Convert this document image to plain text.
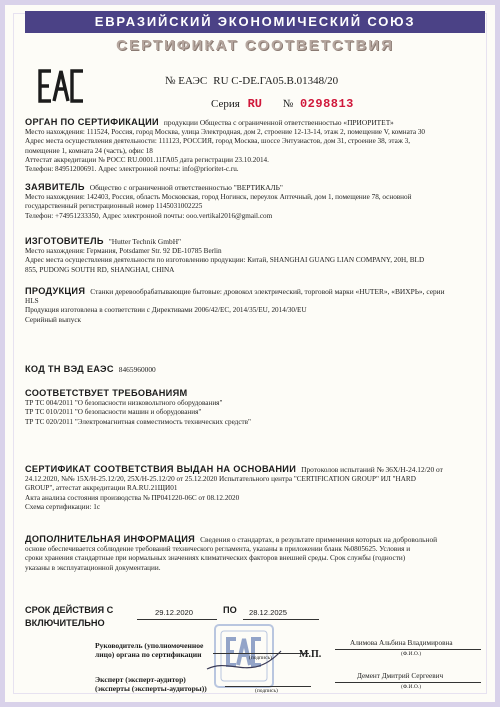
ЕВРАЗИЙСКИЙ ЭКОНОМИЧЕСКИЙ СОЮЗ
СЕРТИФИКАТ СООТВЕТСТВИЯ
№ ЕАЭС RU С-DE.ГА05.В.01348/20
Серия RU № 0298813

ОРГАН ПО СЕРТИФИКАЦИИ продукции Общества с ограниченной ответственностью «ПРИОРИТЕТ»

Место нахождения: 111524, Россия, город Москва, улица Электродная, дом 2, строение 12-13-14, этаж 2, помещение V, комната 30

Адрес места осуществления деятельности: 111123, РОССИЯ, город Москва, шоссе Энтузиастов, дом 31, строение 38, этаж 3,

помещение 1, комната 24 (часть), офис 18

Аттестат аккредитации № РОСС RU.0001.11ГА05 дата регистрации 23.10.2014.

Телефон: 84951200691. Адрес электронной почты: info@prioritet-c.ru.

ЗАЯВИТЕЛЬ Общество с ограниченной ответственностью "ВЕРТИКАЛЬ"

Место нахождения: 142403, Россия, область Московская, город Ногинск, переулок Аптечный, дом 1, помещение 78, основной

государственный регистрационный номер 1145031002225

Телефон: +74951233350, Адрес электронной почты: ooo.vertikal2016@gmail.com

ИЗГОТОВИТЕЛЬ "Hutter Technik GmbH"

Место нахождения: Германия, Potsdamer Str. 92 DE-10785 Berlin

Адрес места осуществления деятельности по изготовлению продукции: Китай, SHANGHAI GUANG LIAN COMPANY, 20H, BLD

855, PUDONG SOUTH RD, SHANGHAI, CHINA

ПРОДУКЦИЯ Станки деревообрабатывающие бытовые: дровокол электрический, торговой марки «HUTER», «ВИХРЬ», серии

HLS

Продукция изготовлена в соответствии с Директивами 2006/42/EC, 2014/35/EU, 2014/30/EU

Серийный выпуск

КОД ТН ВЭД ЕАЭС 8465960000

СООТВЕТСТВУЕТ ТРЕБОВАНИЯМ

ТР ТС 004/2011 "О безопасности низковольтного оборудования"

ТР ТС 010/2011 "О безопасности машин и оборудования"

ТР ТС 020/2011 "Электромагнитная совместимость технических средств"

СЕРТИФИКАТ СООТВЕТСТВИЯ ВЫДАН НА ОСНОВАНИИ Протоколов испытаний № 36Х/Н-24.12/20 от

24.12.2020, №№ 15Х/Н-25.12/20, 25Х/Н-25.12/20 от 25.12.2020 Испытательного центра "CERTIFICATION GROUP" ИЛ "HARD

GROUP", аттестат аккредитации RA.RU.21ЩИ01

Акта анализа состояния производства № ПР041220-06С от 08.12.2020

Схема сертификации: 1с

ДОПОЛНИТЕЛЬНАЯ ИНФОРМАЦИЯ Сведения о стандартах, в результате применения которых на добровольной

основе обеспечивается соблюдение требований технического регламента, указаны в приложении бланк №0805625. Условия и

сроки хранения стандартные при нормальных значениях климатических факторов внешней среды. Срок службы (годности)

указаны в эксплуатационной документации.

СРОК ДЕЙСТВИЯ С	29.12.2020	ПО 28.12.2025
ВКЛЮЧИТЕЛЬНО
М.П.
Руководитель (уполномоченное
лицо) органа по сертификации	(подпись)
Алимова Альбина Владимировна
(Ф.И.О.)
Эксперт (эксперт-аудитор)
(эксперты (эксперты-аудиторы))	(подпись)
Демент Дмитрий Сергеевич
(Ф.И.О.)
